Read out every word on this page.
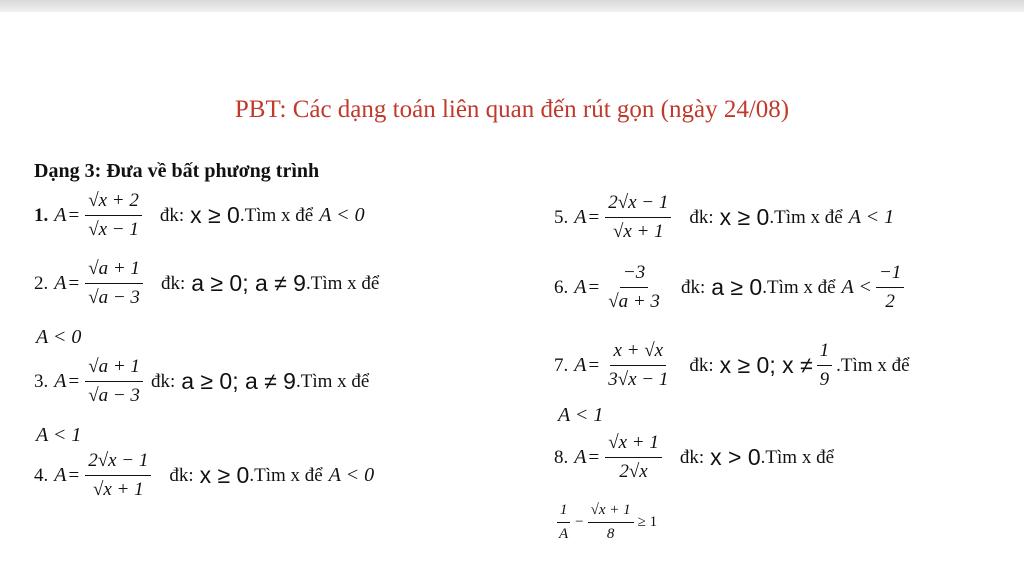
PBT: Các dạng toán liên quan đến rút gọn (ngày 24/08)
Dạng 3: Đưa về bất phương trình
1. $A = \frac{√x + 2}{√x - 1}$ đk: x ≥ 0 .Tìm x để A < 0
2. $A = \frac{√a + 1}{√a - 3}$ đk: a ≥ 0; a ≠ 9 .Tìm x để
A < 0
3. $A = \frac{√a + 1}{√a - 3}$ đk: a ≥ 0; a ≠ 9 .Tìm x để
A < 1
4. $A = \frac{2√x - 1}{√x + 1}$ đk: x ≥ 0 .Tìm x để A < 0
5. $A = \frac{2√x - 1}{√x + 1}$ đk: x ≥ 0 .Tìm x để A < 1
6. $A = \frac{-3}{√a + 3}$ đk: a ≥ 0 .Tìm x để $A < \frac{-1}{2}$
7. $A = \frac{x + √x}{3√x - 1}$ đk: x ≥ 0; $x \ne \frac{1}{9}$ .Tìm x để
A < 1
8. $A = \frac{√x + 1}{2√x}$ đk: x > 0 .Tìm x để
$\frac{1}{A} - \frac{√x + 1}{8} \ge 1$
